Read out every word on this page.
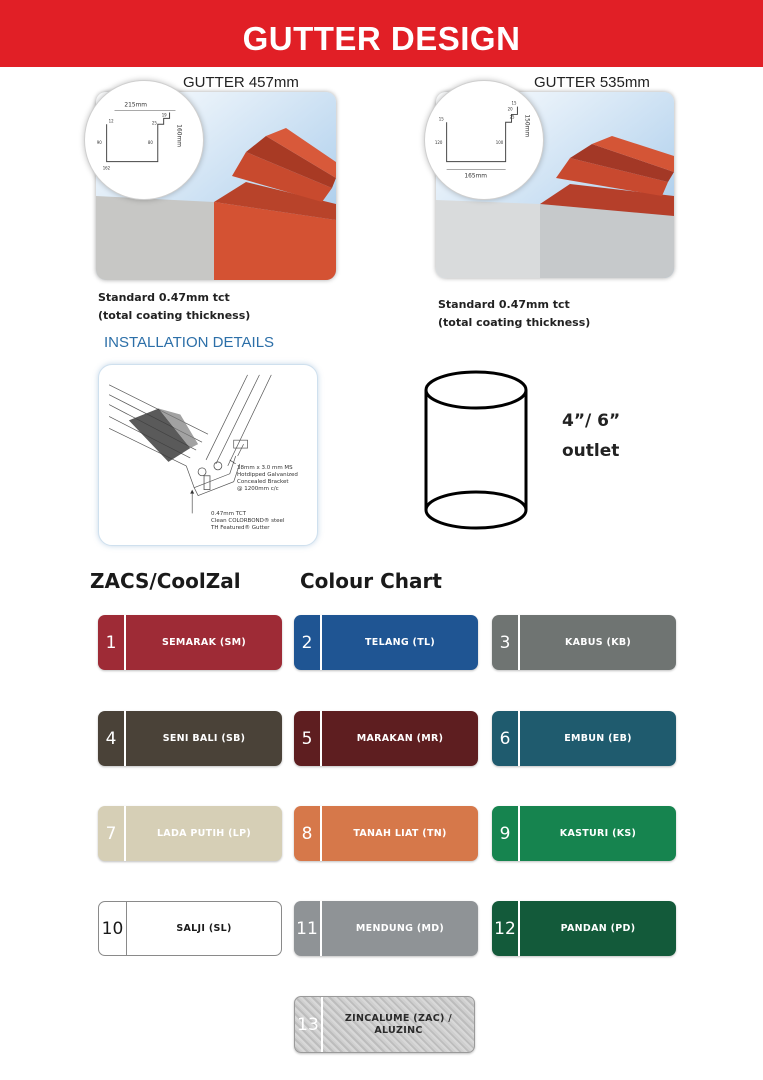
GUTTER DESIGN
GUTTER 457mm
215mm
162
90
12
19
25
80	160mm
Standard 0.47mm tct
(total coating thickness)
GUTTER 535mm
165mm
120
15
20
25
15
100
150mm
Standard 0.47mm tct
(total coating thickness)
INSTALLATION DETAILS
38mm x 3.0 mm MS
Hotdipped Galvanized
Concealed Bracket
@ 1200mm c/c
0.47mm TCT
Clean COLORBOND® steel
TH Featured® Gutter
4”/ 6”
outlet
ZACS/CoolZal	Colour Chart
1	SEMARAK (SM)	2	TELANG (TL)	3	KABUS (KB)
4	SENI BALI (SB)	5	MARAKAN (MR)	6	EMBUN (EB)
7	LADA PUTIH (LP)	8	TANAH LIAT (TN)	9	KASTURI (KS)
10	SALJI (SL)	11	MENDUNG (MD)	12	PANDAN (PD)
13	ZINCALUME (ZAC) / ALUZINC
